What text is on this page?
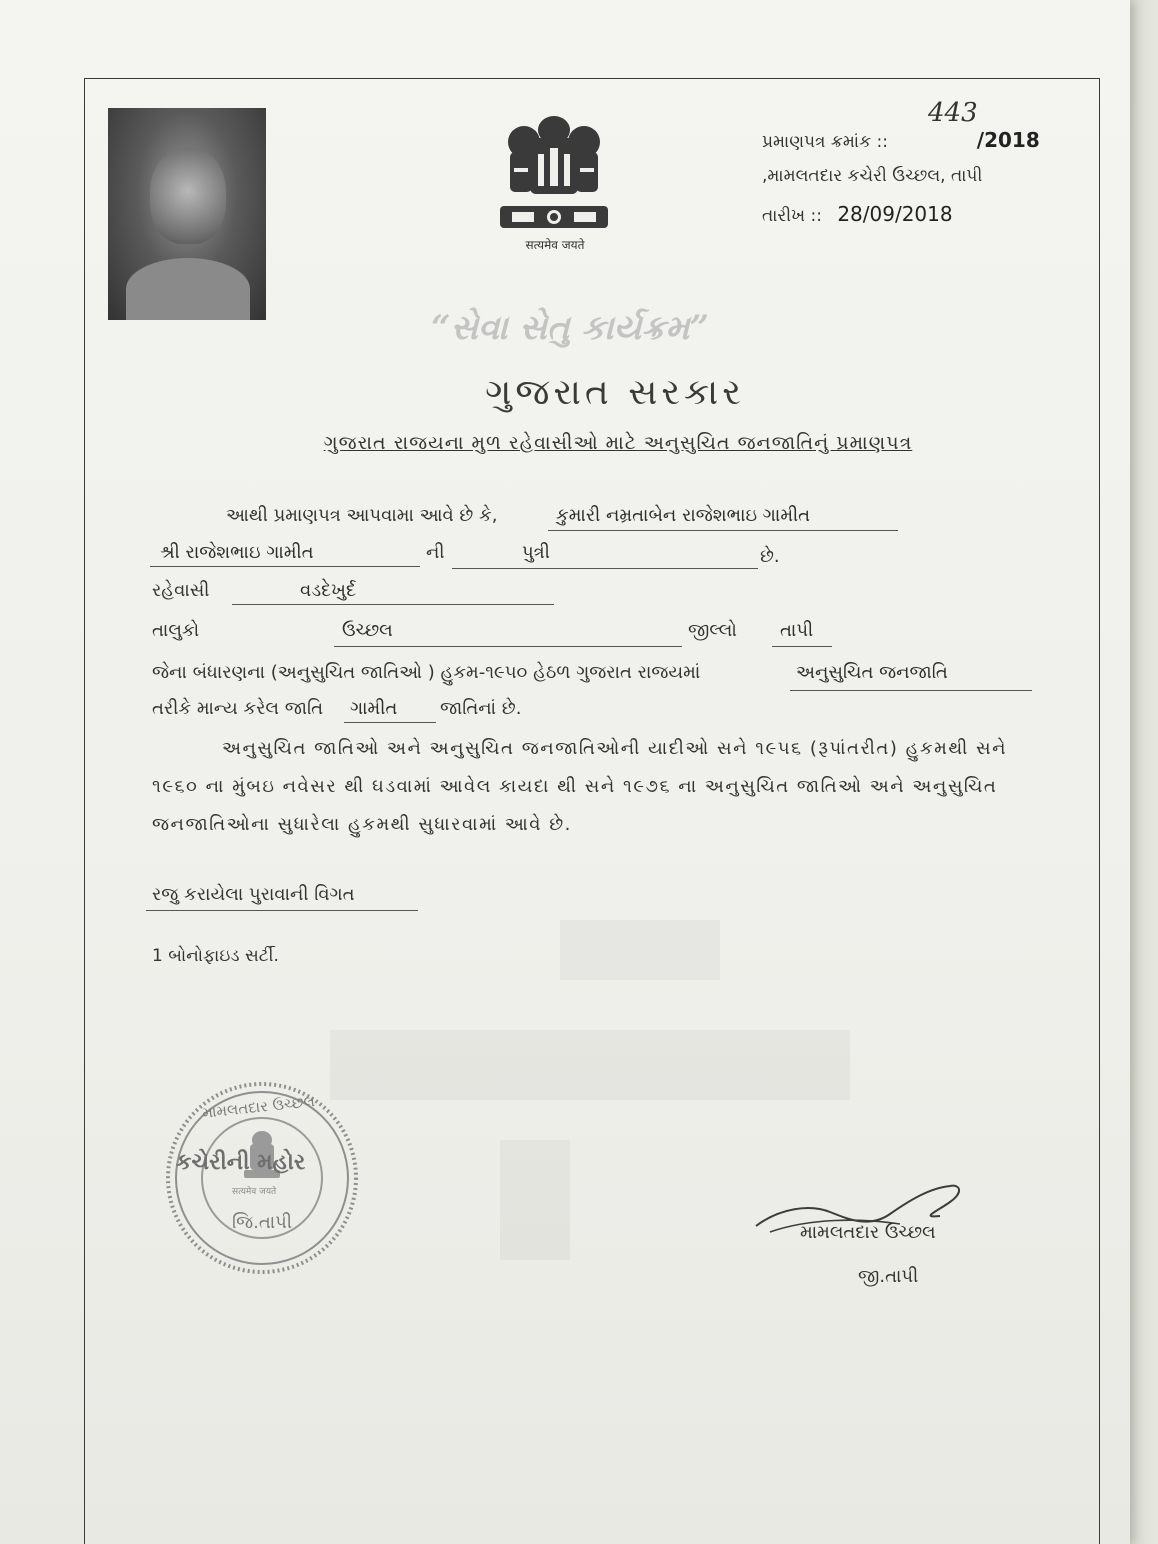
सत्यमेव जयते
પ્રમાણપત્ર ક્રમાંક ::	/2018
443
,મામલતદાર કચેરી ઉચ્છલ, તાપી
તારીખ :: 28/09/2018
“સેવા સેતુ કાર્યક્રમ”
ગુજરાત સરકાર
ગુજરાત રાજયના મુળ રહેવાસીઓ માટે અનુસુચિત જનજાતિનું પ્રમાણપત્ર
આથી પ્રમાણપત્ર આપવામા આવે છે કે,	કુમારી નમ્રતાબેન રાજેશભાઇ ગામીત
શ્રી રાજેશભાઇ ગામીત	ની	પુત્રી	છે.
રહેવાસી	વડદેખુર્દ
તાલુકો	ઉચ્છલ	જીલ્લો તાપી
જેના બંધારણના (અનુસુચિત જાતિઓ ) હુકમ-૧૯૫૦ હેઠળ ગુજરાત રાજયમાં	અનુસુચિત જનજાતિ
તરીકે માન્ય કરેલ જાતિ ગામીત જાતિનાં છે.
અનુસુચિત જાતિઓ અને અનુસુચિત જનજાતિઓની યાદીઓ સને ૧૯૫૬ (રૂપાંતરીત) હુકમથી સને
૧૯૬૦ ના મુંબઇ નવેસર થી ઘડવામાં આવેલ કાયદા થી સને ૧૯૭૬ ના અનુસુચિત જાતિઓ અને અનુસુચિત
જનજાતિઓના સુધારેલા હુકમથી સુધારવામાં આવે છે.
રજુ કરાયેલા પુરાવાની વિગત
1 બોનોફાઇડ સર્ટી.
મામલતદાર ઉચ્છલ
કચેરીની મહોર
सत्यमेव जयते
જિ.તાપી	મામલતદાર ઉચ્છલ
જી.તાપી
